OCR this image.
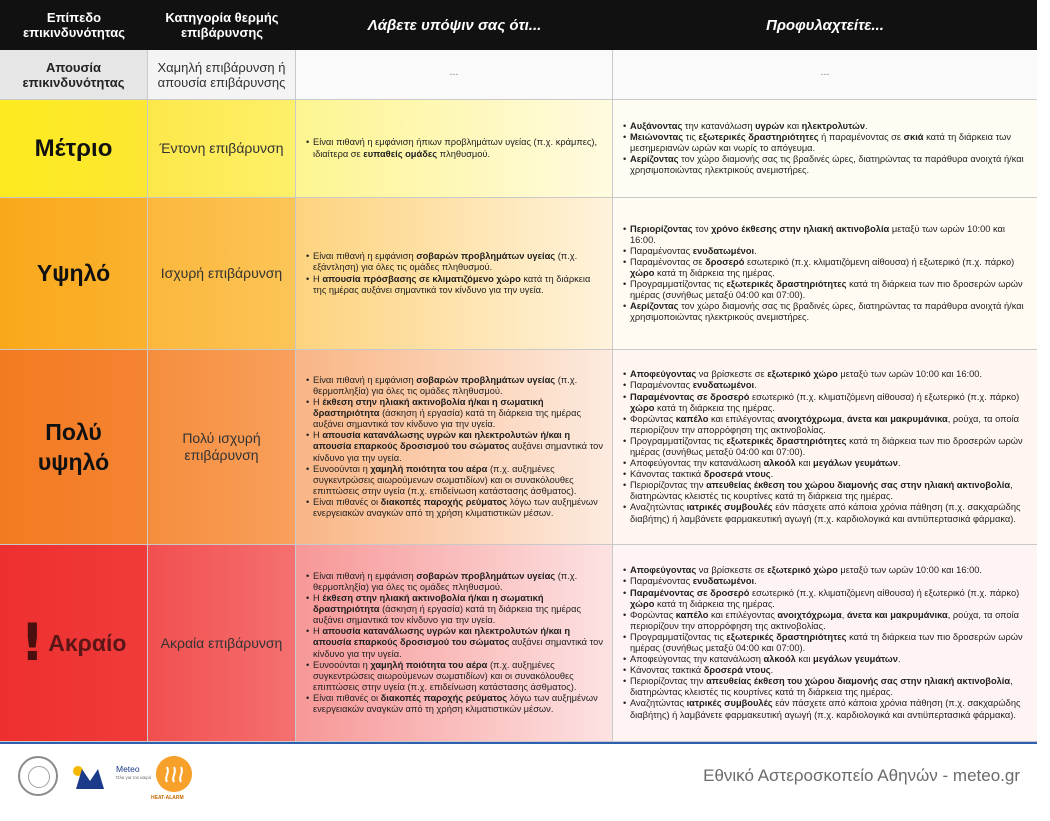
Επίπεδο επικινδυνότητας
Κατηγορία θερμής επιβάρυνσης	Λάβετε υπόψιν σας ότι...	Προφυλαχτείτε...
Απουσία επικινδυνότητας
Χαμηλή επιβάρυνση ή απουσία επιβάρυνσης
---	---
Μέτριο	Έντονη επιβάρυνση
•	Είναι πιθανή η εμφάνιση ήπιων προβλημάτων υγείας (π.χ. κράμπες), ιδιαίτερα σε ευπαθείς ομάδες πληθυσμού.
• Αυξάνοντας την κατανάλωση υγρών και ηλεκτρολυτών.
• Μειώνοντας τις εξωτερικές δραστηριότητες ή παραμένοντας σε σκιά κατά τη διάρκεια των μεσημεριανών ωρών και νωρίς το απόγευμα.
• Αερίζοντας τον χώρο διαμονής σας τις βραδινές ώρες, διατηρώντας τα παράθυρα ανοιχτά ή/και χρησιμοποιώντας ηλεκτρικούς ανεμιστήρες.
Υψηλό	Ισχυρή επιβάρυνση
• Είναι πιθανή η εμφάνιση σοβαρών προβλημάτων υγείας (π.χ. εξάντληση) για όλες τις ομάδες πληθυσμού.
• Η απουσία πρόσβασης σε κλιματιζόμενο χώρο κατά τη διάρκεια της ημέρας αυξάνει σημαντικά τον κίνδυνο για την υγεία.
• Περιορίζοντας τον χρόνο έκθεσης στην ηλιακή ακτινοβολία μεταξύ των ωρών 10:00 και 16:00.
• Παραμένοντας ενυδατωμένοι.
• Παραμένοντας σε δροσερό εσωτερικό (π.χ. κλιματιζόμενη αίθουσα) ή εξωτερικό (π.χ. πάρκο) χώρο κατά τη διάρκεια της ημέρας.
• Προγραμματίζοντας τις εξωτερικές δραστηριότητες κατά τη διάρκεια των πιο δροσερών ωρών ημέρας (συνήθως μεταξύ 04:00 και 07:00).
• Αερίζοντας τον χώρο διαμονής σας τις βραδινές ώρες, διατηρώντας τα παράθυρα ανοιχτά ή/και χρησιμοποιώντας ηλεκτρικούς ανεμιστήρες.
Πολύ υψηλό
Πολύ ισχυρή επιβάρυνση
• Είναι πιθανή η εμφάνιση σοβαρών προβλημάτων υγείας (π.χ. θερμοπληξία) για όλες τις ομάδες πληθυσμού.
• Η έκθεση στην ηλιακή ακτινοβολία ή/και η σωματική δραστηριότητα (άσκηση ή εργασία) κατά τη διάρκεια της ημέρας αυξάνει σημαντικά τον κίνδυνο για την υγεία.
• Η απουσία κατανάλωσης υγρών και ηλεκτρολυτών ή/και η απουσία επαρκούς δροσισμού του σώματος αυξάνει σημαντικά τον κίνδυνο για την υγεία.
• Ευνοούνται η χαμηλή ποιότητα του αέρα (π.χ. αυξημένες συγκεντρώσεις αιωρούμενων σωματιδίων) και οι συνακόλουθες επιπτώσεις στην υγεία (π.χ. επιδείνωση κατάστασης άσθματος).
• Είναι πιθανές οι διακοπές παροχής ρεύματος λόγω των αυξημένων ενεργειακών αναγκών από τη χρήση κλιματιστικών μέσων.
• Αποφεύγοντας να βρίσκεστε σε εξωτερικό χώρο μεταξύ των ωρών 10:00 και 16:00.
• Παραμένοντας ενυδατωμένοι.
• Παραμένοντας σε δροσερό εσωτερικό (π.χ. κλιματιζόμενη αίθουσα) ή εξωτερικό (π.χ. πάρκο) χώρο κατά τη διάρκεια της ημέρας.
• Φορώντας καπέλο και επιλέγοντας ανοιχτόχρωμα, άνετα και μακρυμάνικα, ρούχα, τα οποία περιορίζουν την απορρόφηση της ακτινοβολίας.
• Προγραμματίζοντας τις εξωτερικές δραστηριότητες κατά τη διάρκεια των πιο δροσερών ωρών ημέρας (συνήθως μεταξύ 04:00 και 07:00).
• Αποφεύγοντας την κατανάλωση αλκοόλ και μεγάλων γευμάτων.
• Κάνοντας τακτικά δροσερά ντους.
• Περιορίζοντας την απευθείας έκθεση του χώρου διαμονής σας στην ηλιακή ακτινοβολία, διατηρώντας κλειστές τις κουρτίνες κατά τη διάρκεια της ημέρας.
• Αναζητώντας ιατρικές συμβουλές εάν πάσχετε από κάποια χρόνια πάθηση (π.χ. σακχαρώδης διαβήτης) ή λαμβάνετε φαρμακευτική αγωγή (π.χ. καρδιολογικά και αντιϋπερτασικά φάρμακα).
! Ακραίο	Ακραία επιβάρυνση
• Είναι πιθανή η εμφάνιση σοβαρών προβλημάτων υγείας (π.χ. θερμοπληξία) για όλες τις ομάδες πληθυσμού.
• Η έκθεση στην ηλιακή ακτινοβολία ή/και η σωματική δραστηριότητα (άσκηση ή εργασία) κατά τη διάρκεια της ημέρας αυξάνει σημαντικά τον κίνδυνο για την υγεία.
• Η απουσία κατανάλωσης υγρών και ηλεκτρολυτών ή/και η απουσία επαρκούς δροσισμού του σώματος αυξάνει σημαντικά τον κίνδυνο για την υγεία.
• Ευνοούνται η χαμηλή ποιότητα του αέρα (π.χ. αυξημένες συγκεντρώσεις αιωρούμενων σωματιδίων) και οι συνακόλουθες επιπτώσεις στην υγεία (π.χ. επιδείνωση κατάστασης άσθματος).
• Είναι πιθανές οι διακοπές παροχής ρεύματος λόγω των αυξημένων ενεργειακών αναγκών από τη χρήση κλιματιστικών μέσων.
• Αποφεύγοντας να βρίσκεστε σε εξωτερικό χώρο μεταξύ των ωρών 10:00 και 16:00.
• Παραμένοντας ενυδατωμένοι.
• Παραμένοντας σε δροσερό εσωτερικό (π.χ. κλιματιζόμενη αίθουσα) ή εξωτερικό (π.χ. πάρκο) χώρο κατά τη διάρκεια της ημέρας.
• Φορώντας καπέλο και επιλέγοντας ανοιχτόχρωμα, άνετα και μακρυμάνικα, ρούχα, τα οποία περιορίζουν την απορρόφηση της ακτινοβολίας.
• Προγραμματίζοντας τις εξωτερικές δραστηριότητες κατά τη διάρκεια των πιο δροσερών ωρών ημέρας (συνήθως μεταξύ 04:00 και 07:00).
• Αποφεύγοντας την κατανάλωση αλκοόλ και μεγάλων γευμάτων.
• Κάνοντας τακτικά δροσερά ντους.
• Περιορίζοντας την απευθείας έκθεση του χώρου διαμονής σας στην ηλιακή ακτινοβολία, διατηρώντας κλειστές τις κουρτίνες κατά τη διάρκεια της ημέρας.
• Αναζητώντας ιατρικές συμβουλές εάν πάσχετε από κάποια χρόνια πάθηση (π.χ. σακχαρώδης διαβήτης) ή λαμβάνετε φαρμακευτική αγωγή (π.χ. καρδιολογικά και αντιϋπερτασικά φάρμακα).
Meteo
Όλα για τον καιρό
HEAT-ALARM
Εθνικό Αστεροσκοπείο Αθηνών - meteo.gr
